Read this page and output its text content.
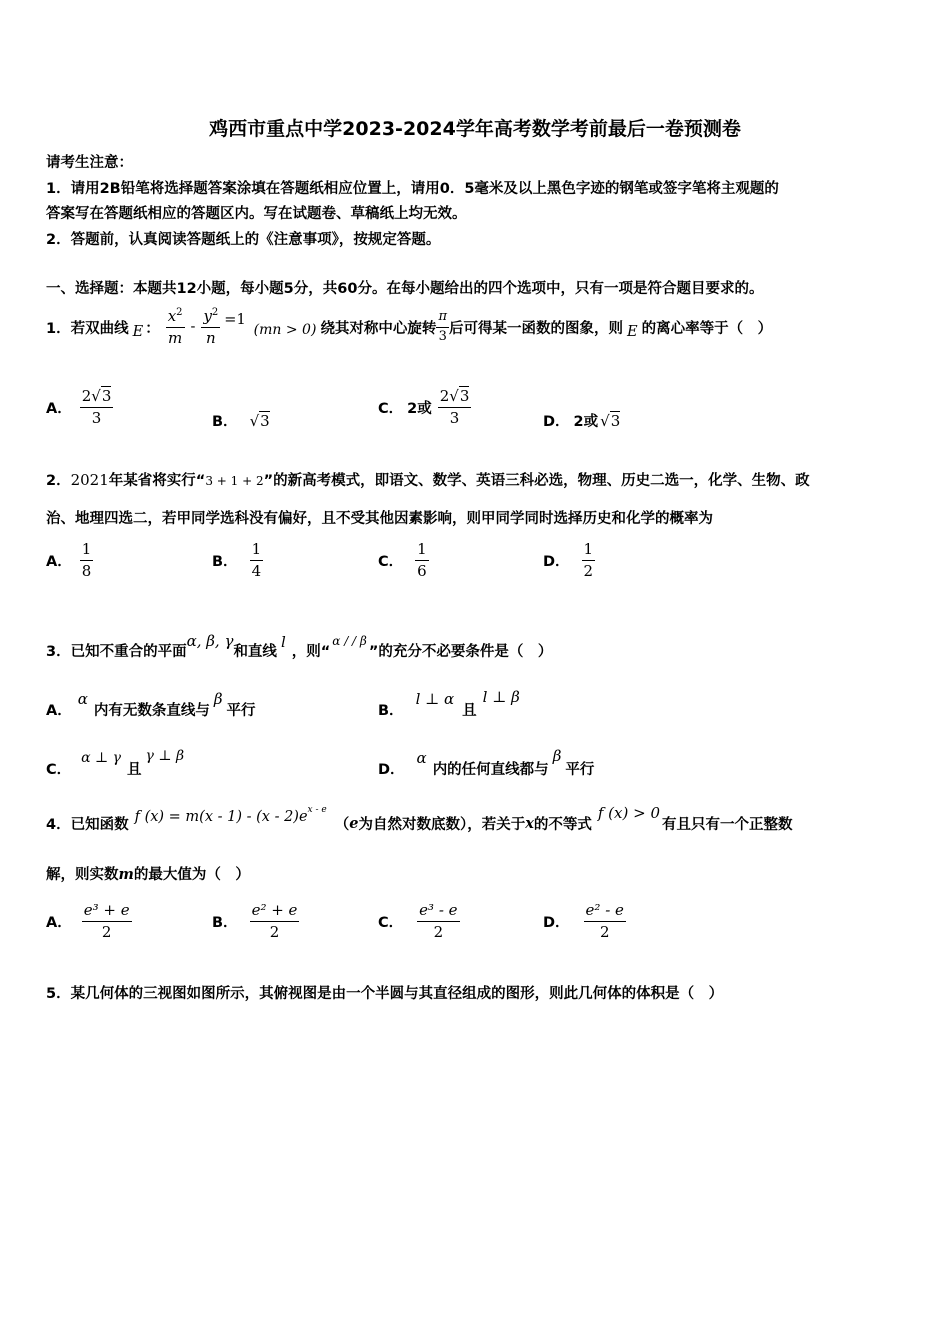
鸡西市重点中学2023-2024学年高考数学考前最后一卷预测卷
请考生注意：
1．请用2B铅笔将选择题答案涂填在答题纸相应位置上，请用0．5毫米及以上黑色字迹的钢笔或签字笔将主观题的
答案写在答题纸相应的答题区内。写在试题卷、草稿纸上均无效。
2．答题前，认真阅读答题纸上的《注意事项》，按规定答题。
一、选择题：本题共12小题，每小题5分，共60分。在每小题给出的四个选项中，只有一项是符合题目要求的。
1．若双曲线 E ： $\frac{x^2}{m} - \frac{y^2}{n} =1$
(mn > 0) 绕其对称中心旋转 $\frac{\pi}{3}$ 后可得某一函数的图象，则 E 的离心率等于（　）
A． $\frac{2√3}{3}$	B． √3
C． 2或 $\frac{2√3}{3}$	D． 2或 √3
2．2021年某省将实行“3 + 1 + 2”的新高考模式，即语文、数学、英语三科必选，物理、历史二选一，化学、生物、政
治、地理四选二，若甲同学选科没有偏好，且不受其他因素影响，则甲同学同时选择历史和化学的概率为
A． $\frac{1}{8}$	B． $\frac{1}{4}$	C． $\frac{1}{6}$	D． $\frac{1}{2}$
3．已知不重合的平面
α, β, γ
和直线
l
，则“
α / / β
”的充分不必要条件是（　）
A．
α
内有无数条直线与
β
平行	B．
l ⊥ α
且
l ⊥ β
C．
α ⊥ γ
且
γ ⊥ β
D．
α
内的任何直线都与
β
平行
4．已知函数 f (x) = m(x - 1) - (x - 2)e x - e
（ e 为自然对数底数），若关于 x 的不等式
f (x) > 0
有且只有一个正整数
解，则实数m的最大值为（　）
A． $\frac{\text{e³ + e}}{2}$	B． $\frac{\text{e² + e}}{2}$	C． $\frac{\text{e³ - e}}{2}$	D． $\frac{\text{e² - e}}{2}$
5．某几何体的三视图如图所示，其俯视图是由一个半圆与其直径组成的图形，则此几何体的体积是（　）
